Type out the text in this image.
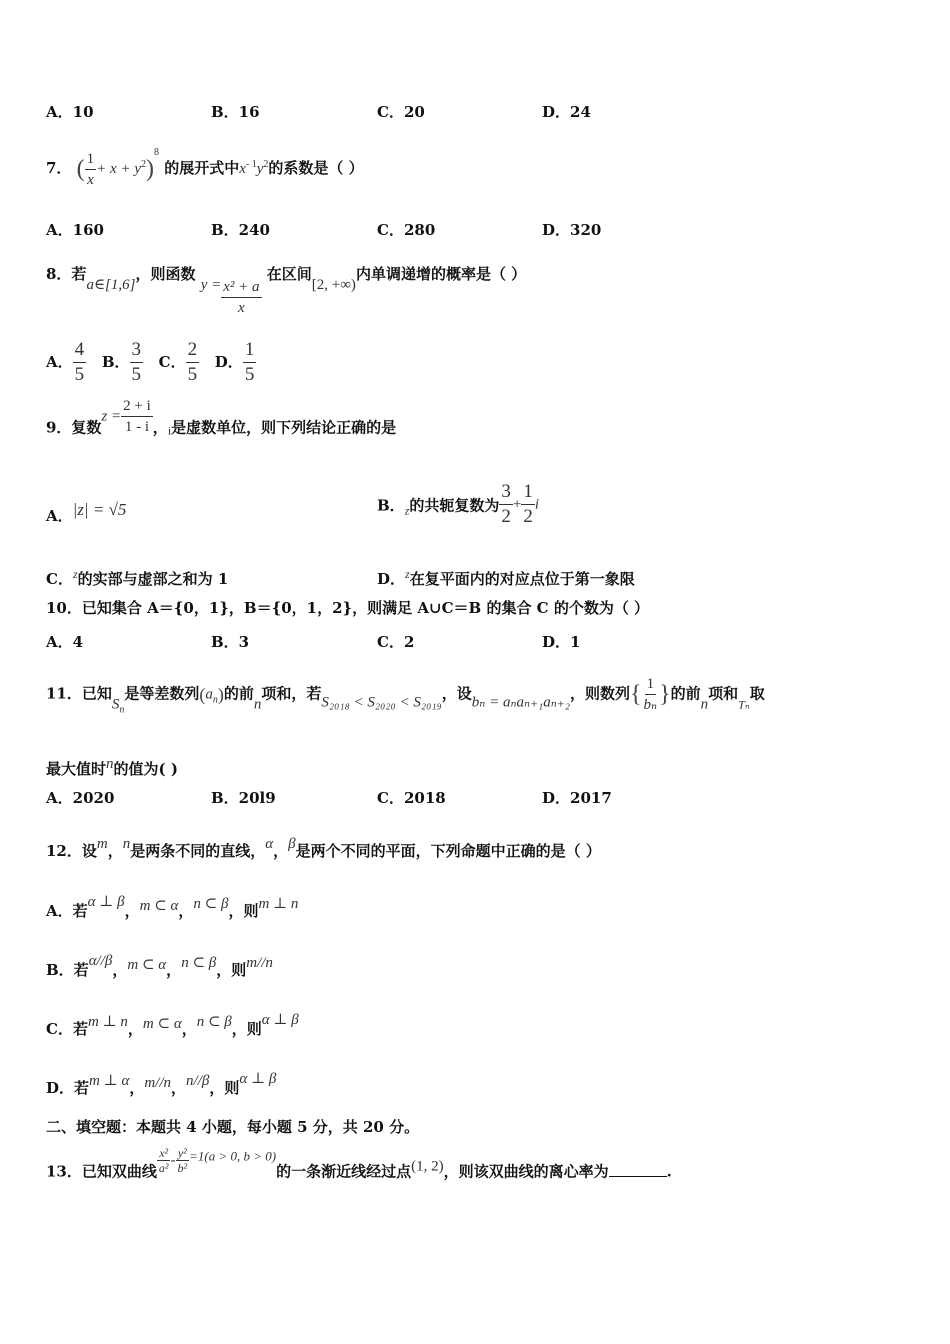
A．10	B．16	C．20	D．24
7． ( $\frac{1}{x} + x + y^2)^8$ 的展开式中$x^{- 1}y^2$的系数是（ ）
A．160	B．240	C．280	D．320
8．若a∈[1,6]，则函数 $y = \frac{\text{x² + a}}{x}$
在区间[2, +∞)内单调递增的概率是（ ）
A． $\frac{4}{5}$ B． $\frac{3}{5}$ C． $\frac{2}{5}$ D． $\frac{1}{5}$
9．复数$z = \frac{2 + i}{1 - i}$ ，$_i$是虚数单位，则下列结论正确的是
A．|z| = √5	B．$_z$的共轭复数为 $\frac{3}{2} + \frac{1}{2}$ i
C．$^z$的实部与虚部之和为 1	D．$^z$在复平面内的对应点位于第一象限
10．已知集合 A＝{0，1}，B＝{0，1，2}，则满足 A∪C＝B 的集合 C 的个数为（ ）
A．4	B．3	C．2	D．1
11．已知$S_n$是等差数列$(a_n)$的前n项和，若S₂₀₁₈ < S₂₀₂₀ < S₂₀₁₉，设bₙ = aₙaₙ₊₁aₙ₊₂，则数列{ $\frac{1}{\text{bₙ}}$ }的前n项和$_{T_n}$取
最大值时n的值为( )
A．2020	B．20l9	C．2018	D．2017
12．设m，n是两条不同的直线，α，β是两个不同的平面，下列命题中正确的是（ ）
A．若α ⊥ β，m ⊂ α，n ⊂ β，则m ⊥ n
B．若α//β，m ⊂ α，n ⊂ β，则m//n
C．若m ⊥ n，m ⊂ α，n ⊂ β，则α ⊥ β
D．若m ⊥ α，m//n，n//β，则α ⊥ β
二、填空题：本题共 4 小题，每小题 5 分，共 20 分。
13．已知双曲线 $\frac{\text{x²}}{\text{a²}} - \frac{\text{y²}}{\text{b²}} =1(a > 0$, b > 0)的一条渐近线经过点(1, 2)，则该双曲线的离心率为	.
